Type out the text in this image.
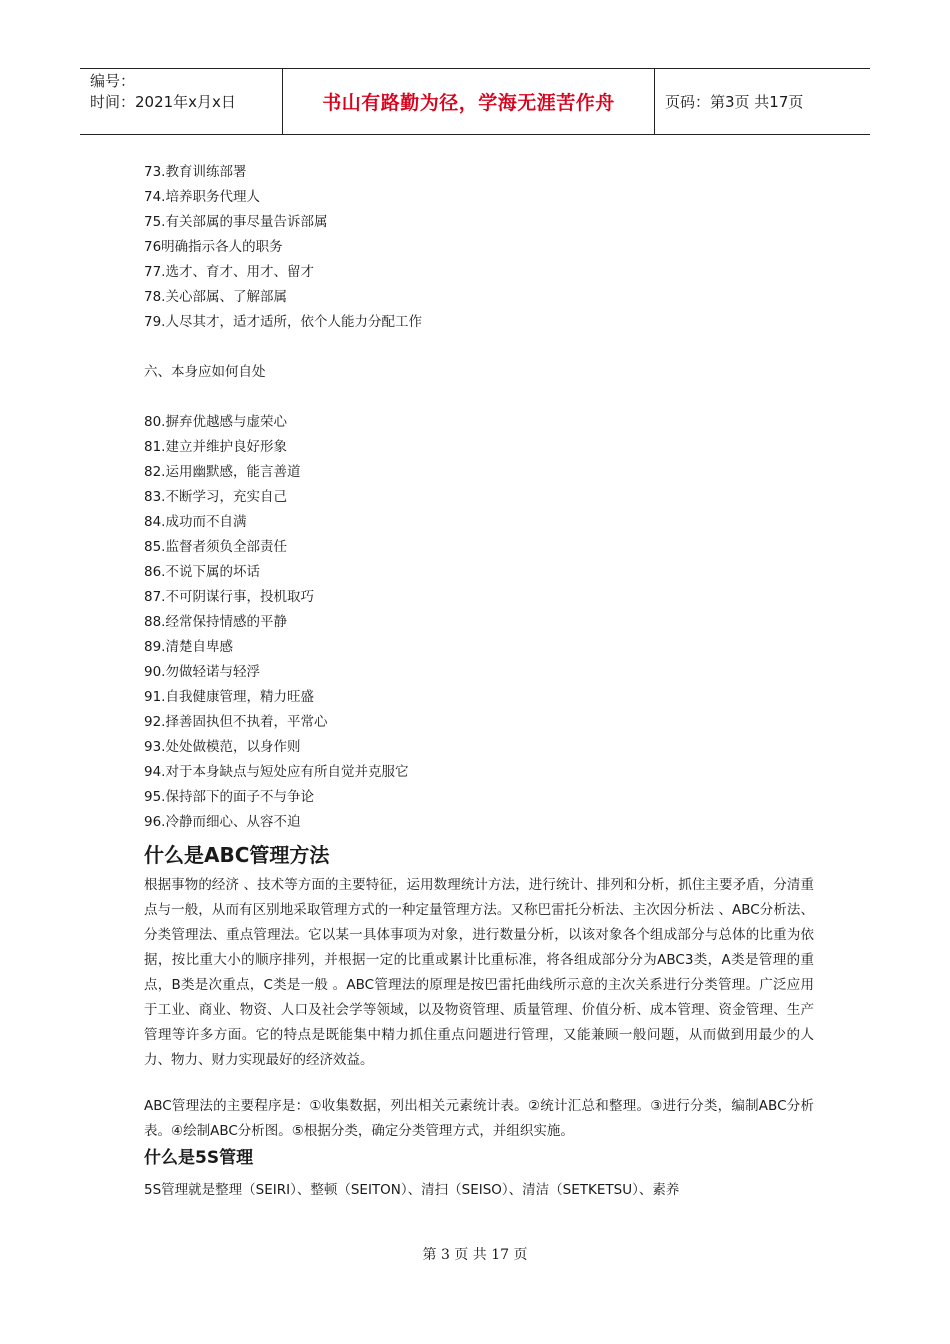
编号：
时间：2021年x月x日	书山有路勤为径，学海无涯苦作舟	页码：第3页 共17页
73.教育训练部署
74.培养职务代理人
75.有关部属的事尽量告诉部属
76明确指示各人的职务
77.选才、育才、用才、留才
78.关心部属、了解部属
79.人尽其才，适才适所，依个人能力分配工作
六、本身应如何自处
80.摒弃优越感与虚荣心
81.建立并维护良好形象
82.运用幽默感，能言善道
83.不断学习，充实自己
84.成功而不自满
85.监督者须负全部责任
86.不说下属的坏话
87.不可阴谋行事，投机取巧
88.经常保持情感的平静
89.清楚自卑感
90.勿做轻诺与轻浮
91.自我健康管理，精力旺盛
92.择善固执但不执着，平常心
93.处处做模范，以身作则
94.对于本身缺点与短处应有所自觉并克服它
95.保持部下的面子不与争论
96.冷静而细心、从容不迫
什么是ABC管理方法
根据事物的经济 、技术等方面的主要特征，运用数理统计方法，进行统计、排列和分析，抓住主要矛盾，分清重点与一般，从而有区别地采取管理方式的一种定量管理方法。又称巴雷托分析法、主次因分析法 、ABC分析法、分类管理法、重点管理法。它以某一具体事项为对象，进行数量分析，以该对象各个组成部分与总体的比重为依据，按比重大小的顺序排列，并根据一定的比重或累计比重标准，将各组成部分分为ABC3类，A类是管理的重点，B类是次重点，C类是一般 。ABC管理法的原理是按巴雷托曲线所示意的主次关系进行分类管理。广泛应用于工业、商业、物资、人口及社会学等领域，以及物资管理、质量管理、价值分析、成本管理、资金管理、生产管理等许多方面。它的特点是既能集中精力抓住重点问题进行管理，又能兼顾一般问题，从而做到用最少的人力、物力、财力实现最好的经济效益。
ABC管理法的主要程序是：①收集数据，列出相关元素统计表。②统计汇总和整理。③进行分类，编制ABC分析表。④绘制ABC分析图。⑤根据分类，确定分类管理方式，并组织实施。
什么是5S管理
5S管理就是整理（SEIRI）、整顿（SEITON）、清扫（SEISO）、清洁（SETKETSU）、素养
第 3 页 共 17 页
